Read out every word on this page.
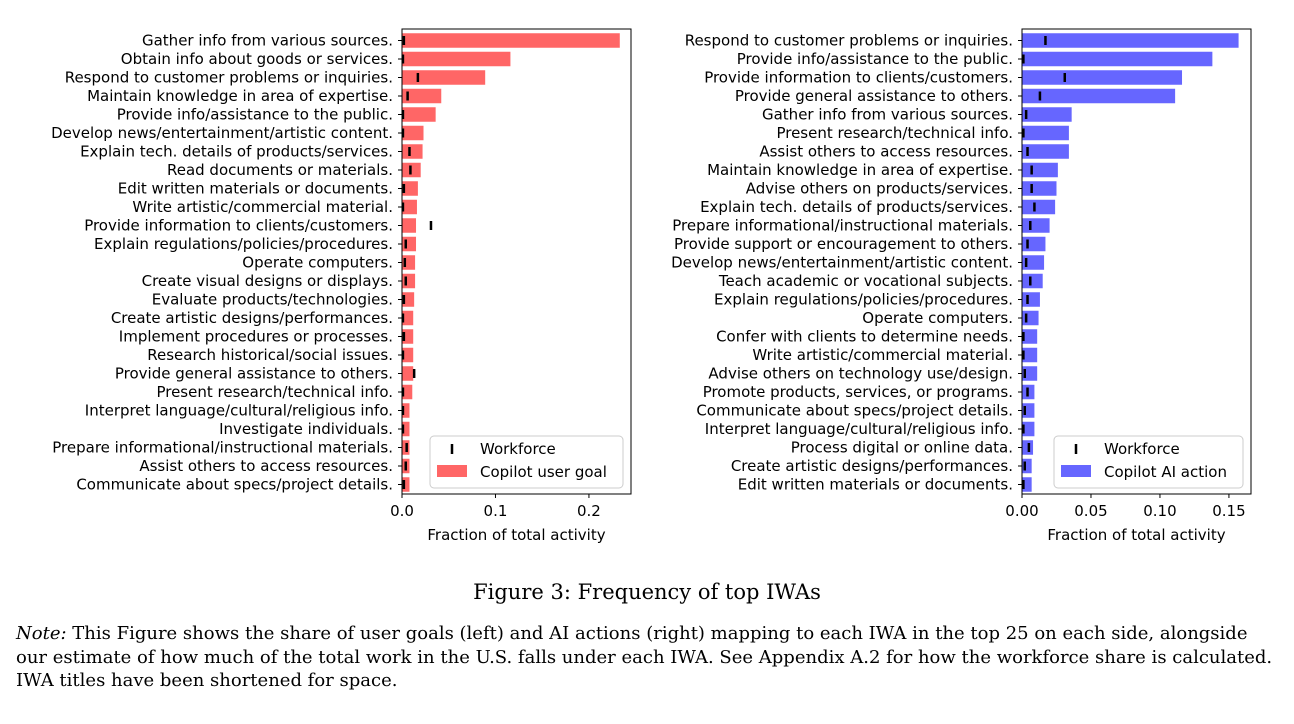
Gather info from various sources.
Obtain info about goods or services.
Respond to customer problems or inquiries.
Maintain knowledge in area of expertise.
Provide info/assistance to the public.
Develop news/entertainment/artistic content.
Explain tech. details of products/services.
Read documents or materials.
Edit written materials or documents.
Write artistic/commercial material.
Provide information to clients/customers.
Explain regulations/policies/procedures.
Operate computers.
Create visual designs or displays.
Evaluate products/technologies.
Create artistic designs/performances.
Implement procedures or processes.
Research historical/social issues.
Provide general assistance to others.
Present research/technical info.
Interpret language/cultural/religious info.
Investigate individuals.
Prepare informational/instructional materials.
Assist others to access resources.
Communicate about specs/project details.
0.0	0.1	0.2
Fraction of total activity
Workforce
Copilot user goal
Respond to customer problems or inquiries.
Provide info/assistance to the public.
Provide information to clients/customers.
Provide general assistance to others.
Gather info from various sources.
Present research/technical info.
Assist others to access resources.
Maintain knowledge in area of expertise.
Advise others on products/services.
Explain tech. details of products/services.
Prepare informational/instructional materials.
Provide support or encouragement to others.
Develop news/entertainment/artistic content.
Teach academic or vocational subjects.
Explain regulations/policies/procedures.
Operate computers.
Confer with clients to determine needs.
Write artistic/commercial material.
Advise others on technology use/design.
Promote products, services, or programs.
Communicate about specs/project details.
Interpret language/cultural/religious info.
Process digital or online data.
Create artistic designs/performances.
Edit written materials or documents.
0.00 0.05 0.10 0.15
Fraction of total activity
Workforce
Copilot AI action
Figure 3: Frequency of top IWAs
Note: This Figure shows the share of user goals (left) and AI actions (right) mapping to each IWA in the top 25 on each side, alongside our estimate of how much of the total work in the U.S. falls under each IWA. See Appendix A.2 for how the workforce share is calculated. IWA titles have been shortened for space.
